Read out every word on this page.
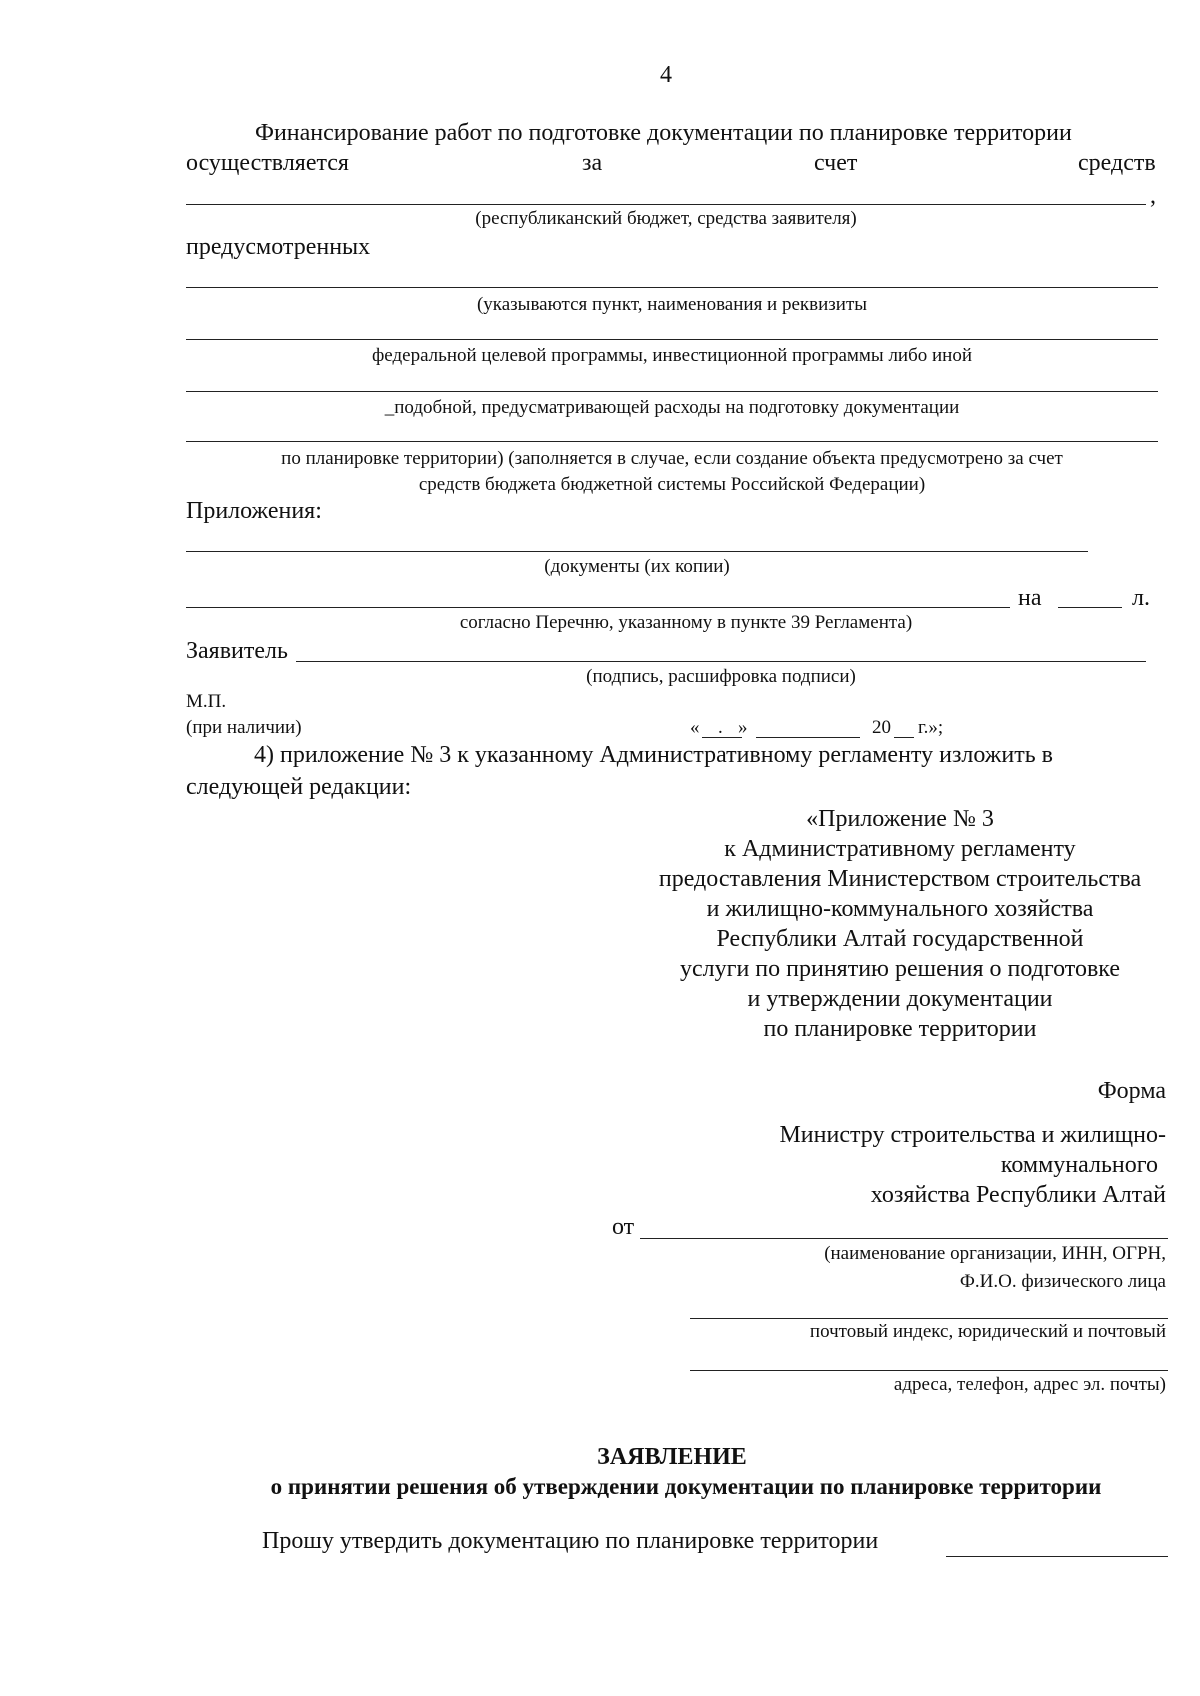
4
Финансирование работ по подготовке документации по планировке территории
осуществляется	за	счет	средств
,
(республиканский бюджет, средства заявителя)
предусмотренных
(указываются пункт, наименования и реквизиты
федеральной целевой программы, инвестиционной программы либо иной
_подобной, предусматривающей расходы на подготовку документации
по планировке территории) (заполняется в случае, если создание объекта предусмотрено за счет
средств бюджета бюджетной системы Российской Федерации)
Приложения:
(документы (их копии)
на	л.
согласно Перечню, указанному в пункте 39 Регламента)
Заявитель
(подпись, расшифровка подписи)
М.П.
(при наличии)	« . »	20 г.»;
4) приложение № 3 к указанному Административному регламенту изложить в
следующей редакции:
«Приложение № 3
к Административному регламенту
предоставления Министерством строительства
и жилищно-коммунального хозяйства
Республики Алтай государственной
услуги по принятию решения о подготовке
и утверждении документации
по планировке территории
Форма
Министру строительства и жилищно-
коммунального
хозяйства Республики Алтай
от
(наименование организации, ИНН, ОГРН,
Ф.И.О. физического лица
почтовый индекс, юридический и почтовый
адреса, телефон, адрес эл. почты)
ЗАЯВЛЕНИЕ
о принятии решения об утверждении документации по планировке территории
Прошу утвердить документацию по планировке территории
